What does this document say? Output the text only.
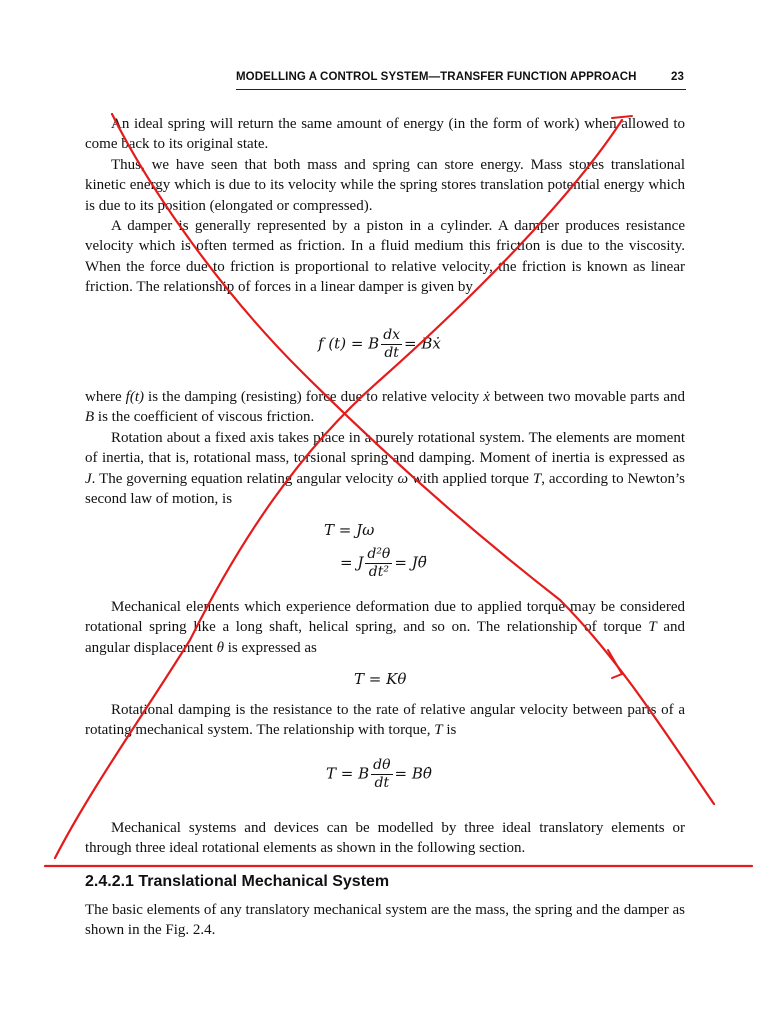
MODELLING A CONTROL SYSTEM—TRANSFER FUNCTION APPROACH	23

An ideal spring will return the same amount of energy (in the form of work) when allowed to come back to its original state.

Thus, we have seen that both mass and spring can store energy. Mass stores translational kinetic energy which is due to its velocity while the spring stores translation potential energy which is due to its position (elongated or compressed).

A damper is generally represented by a piston in a cylinder. A damper produces resistance velocity which is often termed as friction. In a fluid medium this friction is due to the viscosity. When the force due to friction is proportional to relative velocity, the friction is known as linear friction. The relationship of forces in a linear damper is given by

f (t) = B $\frac{dx}{dt}$ = Bẋ

where f(t) is the damping (resisting) force due to relative velocity ẋ between two movable parts and B is the coefficient of viscous friction.

Rotation about a fixed axis takes place in a purely rotational system. The elements are moment of inertia, that is, rotational mass, torsional spring and damping. Moment of inertia is expressed as J. The governing equation relating angular velocity ω with applied torque T, according to Newton’s second law of motion, is

T = Jω
= J $\frac{\text{d²θ}}{\text{dt²}}$ = Jθ̈

Mechanical elements which experience deformation due to applied torque may be considered rotational spring like a long shaft, helical spring, and so on. The relationship of torque T and angular displacement θ is expressed as

T = Kθ

Rotational damping is the resistance to the rate of relative angular velocity between parts of a rotating mechanical system. The relationship with torque, T is

T = B $\frac{d\theta}{dt}$ = Bθ̇

Mechanical systems and devices can be modelled by three ideal translatory elements or through three ideal rotational elements as shown in the following section.

2.4.2.1 Translational Mechanical System

The basic elements of any translatory mechanical system are the mass, the spring and the damper as shown in the Fig. 2.4.
